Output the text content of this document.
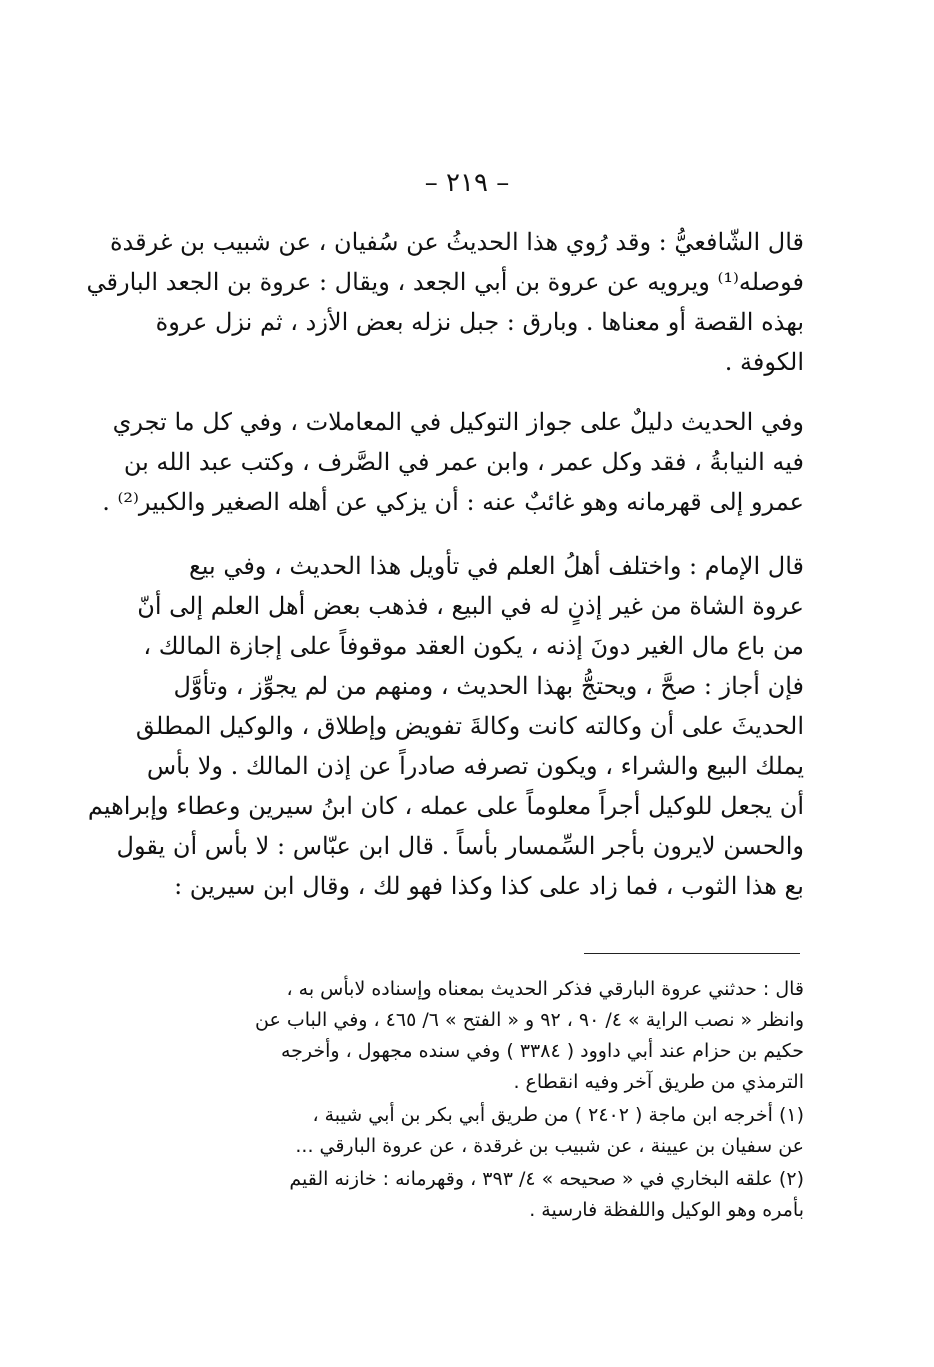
– ٢١٩ –
قال الشّافعيُّ : وقد رُوي هذا الحديثُ عن سُفيان ، عن شبيب بن غرقدة
فوصله⁽¹⁾ ويرويه عن عروة بن أبي الجعد ، ويقال : عروة بن الجعد البارقي
بهذه القصة أو معناها . وبارق : جبل نزله بعض الأزد ، ثم نزل عروة
الكوفة .
وفي الحديث دليلٌ على جواز التوكيل في المعاملات ، وفي كل ما تجري
فيه النيابةُ ، فقد وكل عمر ، وابن عمر في الصَّرف ، وكتب عبد الله بن
عمرو إلى قهرمانه وهو غائبٌ عنه : أن يزكي عن أهله الصغير والكبير⁽²⁾ .
قال الإمام : واختلف أهلُ العلم في تأويل هذا الحديث ، وفي بيع
عروة الشاة من غير إذنٍ له في البيع ، فذهب بعض أهل العلم إلى أنّ
من باع مال الغير دونَ إذنه ، يكون العقد موقوفاً على إجازة المالك ،
فإن أجاز : صحَّ ، ويحتجُّ بهذا الحديث ، ومنهم من لم يجوِّز ، وتأوَّل
الحديثَ على أن وكالته كانت وكالةَ تفويض وإطلاق ، والوكيل المطلق
يملك البيع والشراء ، ويكون تصرفه صادراً عن إذن المالك . ولا بأس
أن يجعل للوكيل أجراً معلوماً على عمله ، كان ابنُ سيرين وعطاء وإبراهيم
والحسن لايرون بأجر السِّمسار بأساً . قال ابن عبّاس : لا بأس أن يقول
بع هذا الثوب ، فما زاد على كذا وكذا فهو لك ، وقال ابن سيرين :
قال : حدثني عروة البارقي فذكر الحديث بمعناه وإسناده لابأس به ،
وانظر « نصب الراية » ٤/ ٩٠ ، ٩٢ و « الفتح » ٦/ ٤٦٥ ، وفي الباب عن
حكيم بن حزام عند أبي داوود ( ٣٣٨٤ ) وفي سنده مجهول ، وأخرجه
الترمذي من طريق آخر وفيه انقطاع .
(١) أخرجه ابن ماجة ( ٢٤٠٢ ) من طريق أبي بكر بن أبي شيبة ،
عن سفيان بن عيينة ، عن شبيب بن غرقدة ، عن عروة البارقي ...
(٢) علقه البخاري في « صحيحه » ٤/ ٣٩٣ ، وقهرمانه : خازنه القيم
بأمره وهو الوكيل واللفظة فارسية .
